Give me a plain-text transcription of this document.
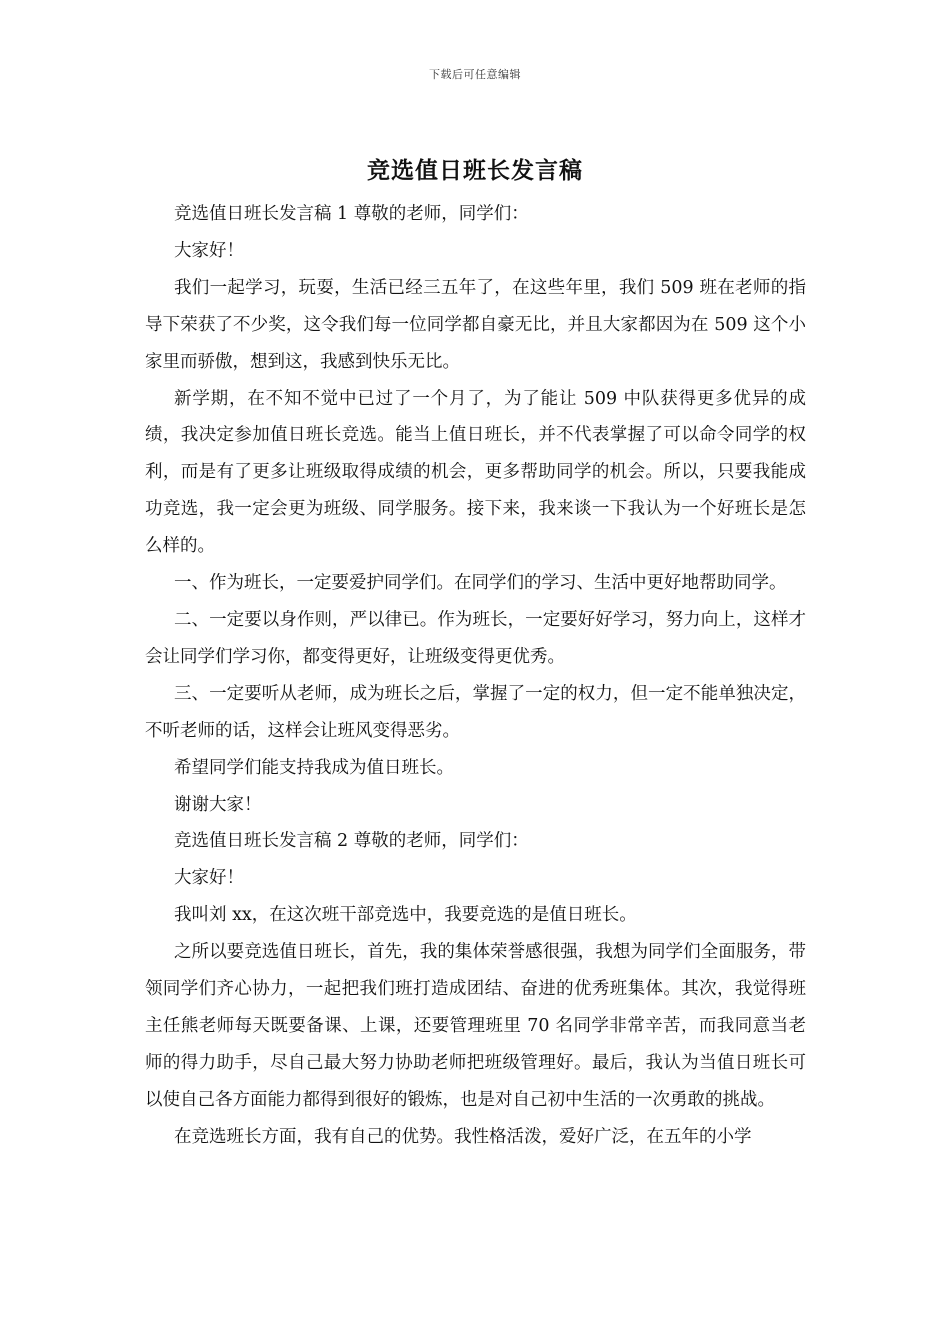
下载后可任意编辑
竞选值日班长发言稿

竞选值日班长发言稿 1 尊敬的老师，同学们：

大家好！

我们一起学习，玩耍，生活已经三五年了，在这些年里，我们 509 班在老师的指导下荣获了不少奖，这令我们每一位同学都自豪无比，并且大家都因为在 509 这个小家里而骄傲，想到这，我感到快乐无比。

新学期，在不知不觉中已过了一个月了，为了能让 509 中队获得更多优异的成绩，我决定参加值日班长竞选。能当上值日班长，并不代表掌握了可以命令同学的权利，而是有了更多让班级取得成绩的机会，更多帮助同学的机会。所以，只要我能成功竞选，我一定会更为班级、同学服务。接下来，我来谈一下我认为一个好班长是怎么样的。

一、作为班长，一定要爱护同学们。在同学们的学习、生活中更好地帮助同学。

二、一定要以身作则，严以律已。作为班长，一定要好好学习，努力向上，这样才会让同学们学习你，都变得更好，让班级变得更优秀。

三、一定要听从老师，成为班长之后，掌握了一定的权力，但一定不能单独决定，不听老师的话，这样会让班风变得恶劣。

希望同学们能支持我成为值日班长。

谢谢大家！

竞选值日班长发言稿 2 尊敬的老师，同学们：

大家好！

我叫刘 xx，在这次班干部竞选中，我要竞选的是值日班长。

之所以要竞选值日班长，首先，我的集体荣誉感很强，我想为同学们全面服务，带领同学们齐心协力，一起把我们班打造成团结、奋进的优秀班集体。其次，我觉得班主任熊老师每天既要备课、上课，还要管理班里 70 名同学非常辛苦，而我同意当老师的得力助手，尽自己最大努力协助老师把班级管理好。最后，我认为当值日班长可以使自己各方面能力都得到很好的锻炼，也是对自己初中生活的一次勇敢的挑战。

在竞选班长方面，我有自己的优势。我性格活泼，爱好广泛，在五年的小学
